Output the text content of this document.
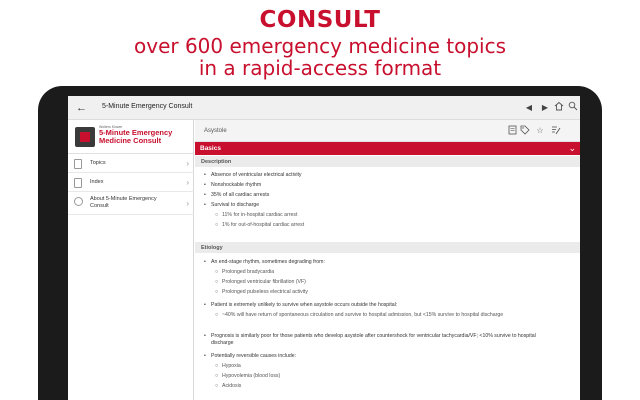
CONSULT
over 600 emergency medicine topics
in a rapid-access format
← 5-Minute Emergency Consult	◀	▶
Wolters Kluwer
5-Minute Emergency Medicine Consult
Topics	›
Index	›
About 5-Minute Emergency Consult	›
Asystole	☆
Basics	⌄
Description
• Absence of ventricular electrical activity
• Nonshockable rhythm
• 35% of all cardiac arrests
• Survival to discharge
○ 11% for in-hospital cardiac arrest
○ 1% for out-of-hospital cardiac arrest
Etiology
• An end-stage rhythm, sometimes degrading from:
○ Prolonged bradycardia
○ Prolonged ventricular fibrillation (VF)
○ Prolonged pulseless electrical activity
• Patient is extremely unlikely to survive when asystole occurs outside the hospital:
○ ~40% will have return of spontaneous circulation and survive to hospital admission, but <15% survive to hospital discharge
• Prognosis is similarly poor for those patients who develop asystole after countershock for ventricular tachycardia/VF; <10% survive to hospital discharge
• Potentially reversible causes include:
○ Hypoxia
○ Hypovolemia (blood loss)
○ Acidosis
